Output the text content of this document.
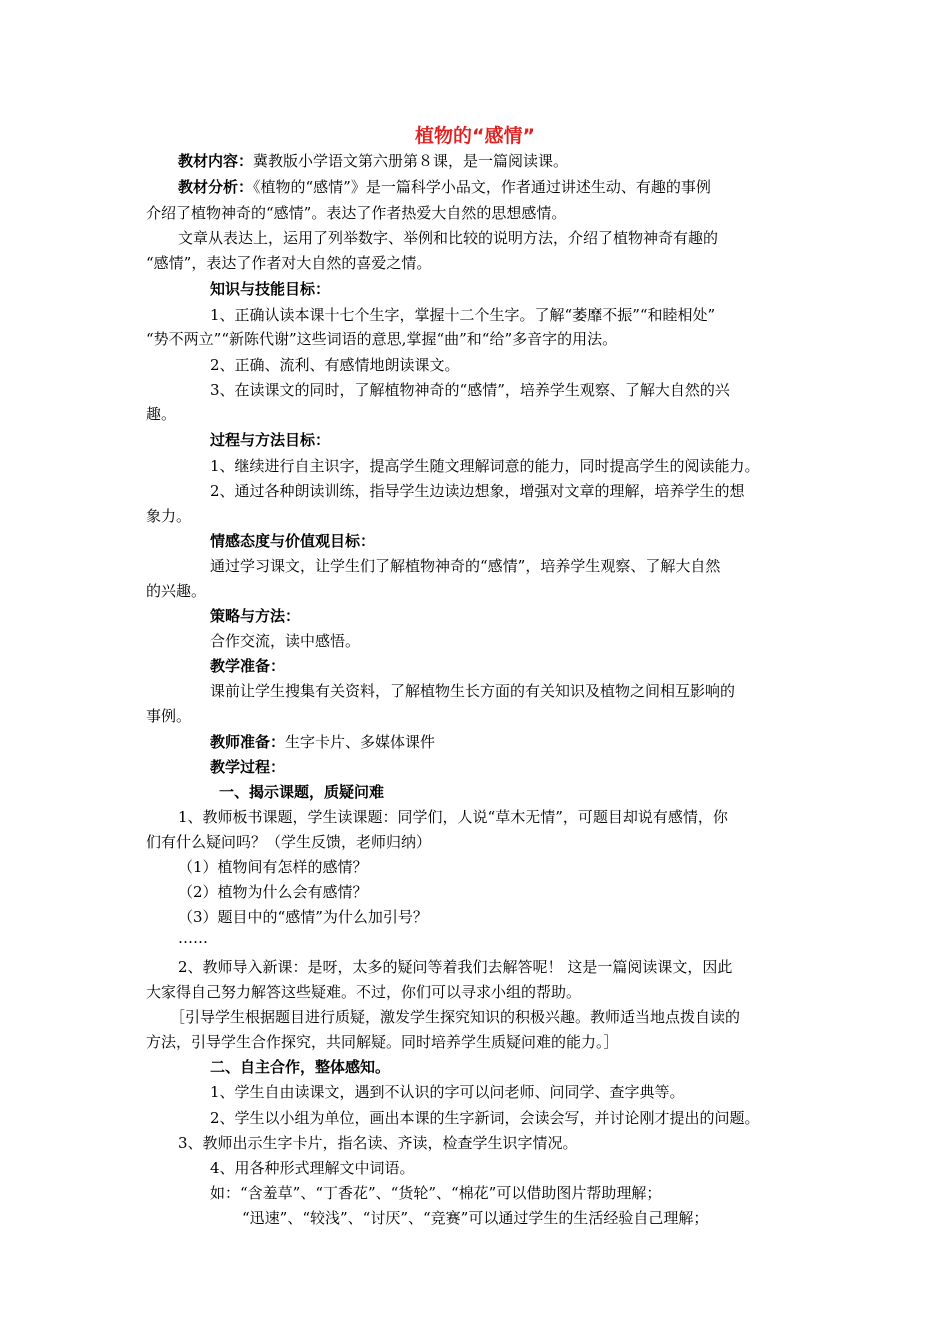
植物的“感情”
教材内容：冀教版小学语文第六册第８课，是一篇阅读课。
教材分析：《植物的“感情”》是一篇科学小品文，作者通过讲述生动、有趣的事例
介绍了植物神奇的“感情”。表达了作者热爱大自然的思想感情。
文章从表达上，运用了列举数字、举例和比较的说明方法，介绍了植物神奇有趣的
“感情”，表达了作者对大自然的喜爱之情。
知识与技能目标：
1、正确认读本课十七个生字，掌握十二个生字。了解“萎靡不振”“和睦相处”
“势不两立”“新陈代谢”这些词语的意思,掌握“曲”和“给”多音字的用法。
2、正确、流利、有感情地朗读课文。
3、在读课文的同时，了解植物神奇的“感情”，培养学生观察、了解大自然的兴
趣。
过程与方法目标：
1、继续进行自主识字，提高学生随文理解词意的能力，同时提高学生的阅读能力。
2、通过各种朗读训练，指导学生边读边想象，增强对文章的理解，培养学生的想
象力。
情感态度与价值观目标：
通过学习课文，让学生们了解植物神奇的“感情”，培养学生观察、了解大自然
的兴趣。
策略与方法：
合作交流，读中感悟。
教学准备：
课前让学生搜集有关资料，了解植物生长方面的有关知识及植物之间相互影响的
事例。
教师准备：生字卡片、多媒体课件
教学过程：
一、揭示课题，质疑问难
1、教师板书课题，学生读课题：同学们，人说“草木无情”，可题目却说有感情，你
们有什么疑问吗？（学生反馈，老师归纳）
（1）植物间有怎样的感情？
（2）植物为什么会有感情？
（3）题目中的“感情”为什么加引号？
……
2、教师导入新课：是呀，太多的疑问等着我们去解答呢！ 这是一篇阅读课文，因此
大家得自己努力解答这些疑难。不过，你们可以寻求小组的帮助。
［引导学生根据题目进行质疑，激发学生探究知识的积极兴趣。教师适当地点拨自读的
方法，引导学生合作探究，共同解疑。同时培养学生质疑问难的能力。］
二、自主合作，整体感知。
1、学生自由读课文，遇到不认识的字可以问老师、问同学、查字典等。
2、学生以小组为单位，画出本课的生字新词，会读会写，并讨论刚才提出的问题。
3、教师出示生字卡片，指名读、齐读，检查学生识字情况。
4、用各种形式理解文中词语。
如：“含羞草”、“丁香花”、“货轮”、“棉花”可以借助图片帮助理解；
“迅速”、“较浅”、“讨厌”、“竞赛”可以通过学生的生活经验自己理解；
